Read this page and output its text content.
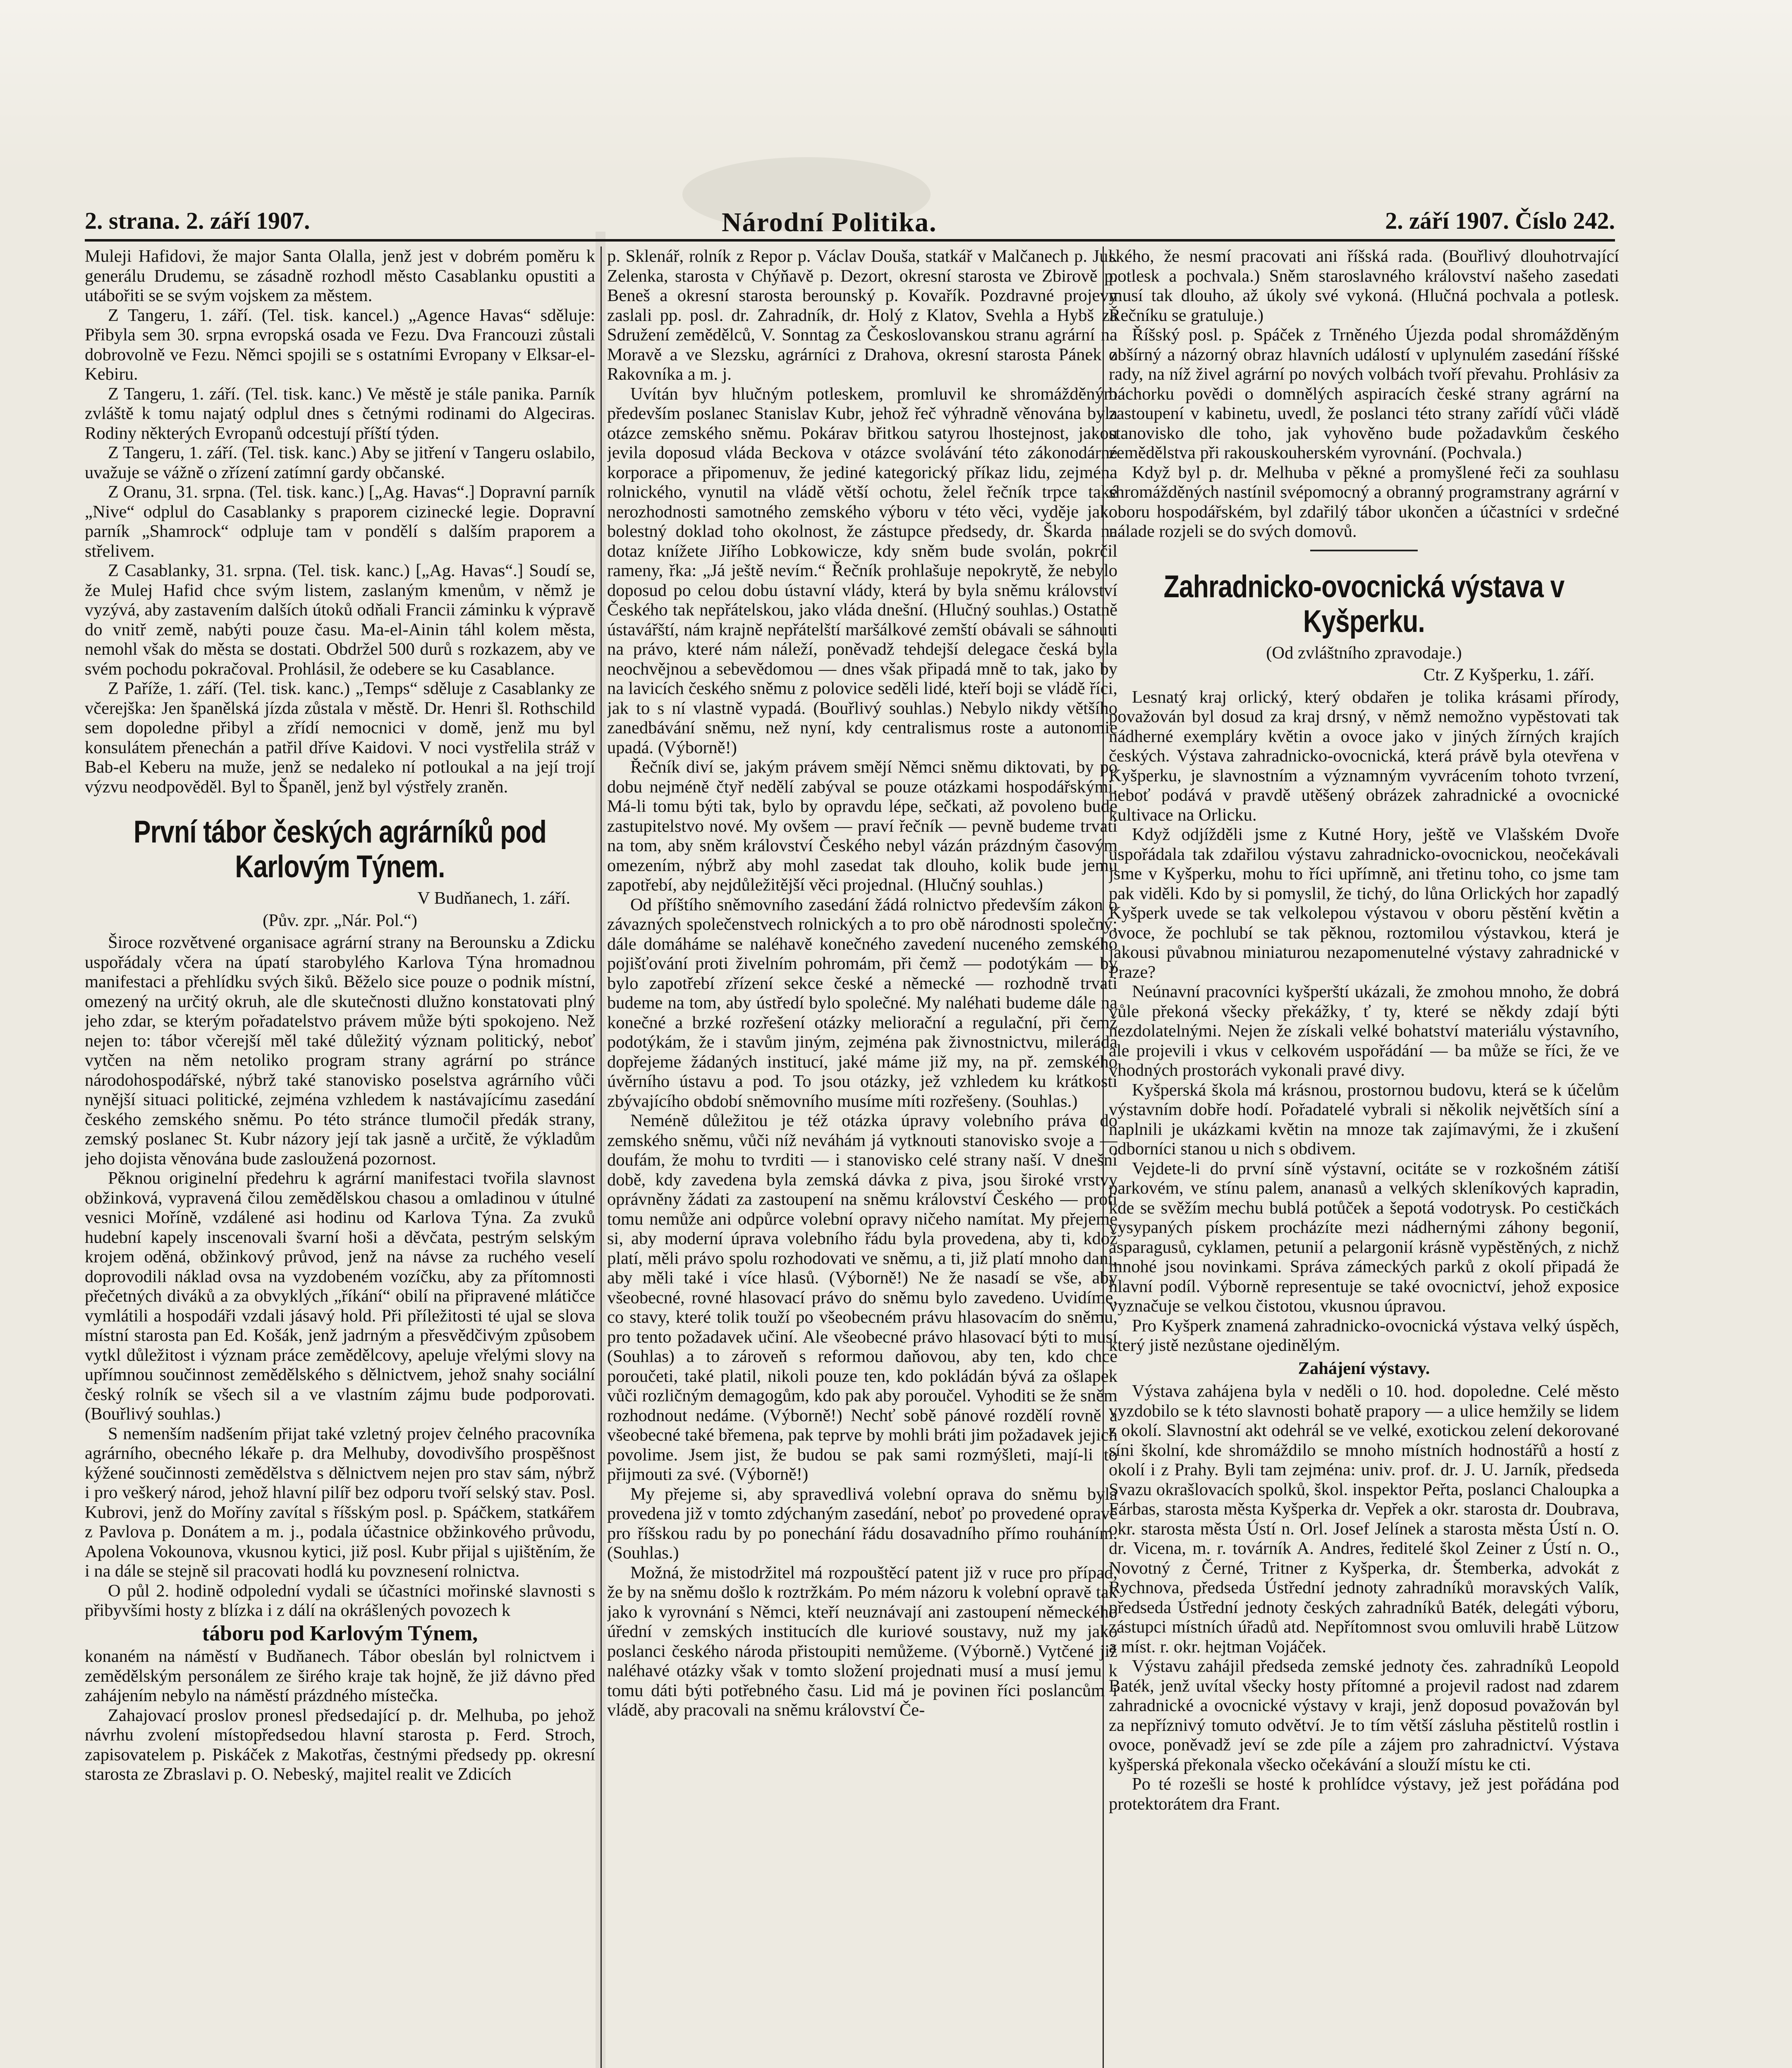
2. strana. 2. září 1907.	Národní Politika.	2. září 1907. Číslo 242.

Muleji Hafidovi, že major Santa Olalla, jenž jest v dobrém poměru k generálu Drudemu, se zásadně rozhodl město Casablanku opustiti a utábořiti se se svým vojskem za městem.

Z Tangeru, 1. září. (Tel. tisk. kancel.) „Agence Havas“ sděluje: Přibyla sem 30. srpna evropská osada ve Fezu. Dva Francouzi zůstali dobrovolně ve Fezu. Němci spojili se s ostatními Evropany v Elksar-el-Kebiru.

Z Tangeru, 1. září. (Tel. tisk. kanc.) Ve městě je stále panika. Parník zvláště k tomu najatý odplul dnes s četnými rodinami do Algeciras. Rodiny některých Evropanů odcestují příští týden.

Z Tangeru, 1. září. (Tel. tisk. kanc.) Aby se jitření v Tangeru oslabilo, uvažuje se vážně o zřízení zatímní gardy občanské.

Z Oranu, 31. srpna. (Tel. tisk. kanc.) [„Ag. Havas“.] Dopravní parník „Nive“ odplul do Casablanky s praporem cizinecké legie. Dopravní parník „Shamrock“ odpluje tam v pondělí s dalším praporem a střelivem.

Z Casablanky, 31. srpna. (Tel. tisk. kanc.) [„Ag. Havas“.] Soudí se, že Mulej Hafid chce svým listem, zaslaným kmenům, v němž je vyzývá, aby zastavením dalších útoků odňali Francii záminku k výpravě do vnitř země, nabýti pouze času. Ma-el-Ainin táhl kolem města, nemohl však do města se dostati. Obdržel 500 durů s rozkazem, aby ve svém pochodu pokračoval. Prohlásil, že odebere se ku Casablance.

Z Paříže, 1. září. (Tel. tisk. kanc.) „Temps“ sděluje z Casablanky ze včerejška: Jen španělská jízda zůstala v městě. Dr. Henri šl. Rothschild sem dopoledne přibyl a zřídí nemocnici v domě, jenž mu byl konsulátem přenechán a patřil dříve Kaidovi. V noci vystřelila stráž v Bab-el Keberu na muže, jenž se nedaleko ní potloukal a na její trojí výzvu neodpověděl. Byl to Španěl, jenž byl výstřely zraněn.

První tábor českých agrárníků pod Karlovým Týnem.
V Budňanech, 1. září.
(Pův. zpr. „Nár. Pol.“)

Široce rozvětvené organisace agrární strany na Berounsku a Zdicku uspořádaly včera na úpatí starobylého Karlova Týna hromadnou manifestaci a přehlídku svých šiků. Běželo sice pouze o podnik místní, omezený na určitý okruh, ale dle skutečnosti dlužno konstatovati plný jeho zdar, se kterým pořadatelstvo právem může býti spokojeno. Než nejen to: tábor včerejší měl také důležitý význam politický, neboť vytčen na něm netoliko program strany agrární po stránce národohospodářské, nýbrž také stanovisko poselstva agrárního vůči nynější situaci politické, zejména vzhledem k nastávajícímu zasedání českého zemského sněmu. Po této stránce tlumočil předák strany, zemský poslanec St. Kubr názory její tak jasně a určitě, že výkladům jeho dojista věnována bude zasloužená pozornost.

Pěknou originelní předehru k agrární manifestaci tvořila slavnost obžinková, vypravená čilou zemědělskou chasou a omladinou v útulné vesnici Moříně, vzdálené asi hodinu od Karlova Týna. Za zvuků hudební kapely inscenovali švarní hoši a děvčata, pestrým selským krojem oděná, obžinkový průvod, jenž na návse za ruchého veselí doprovodili náklad ovsa na vyzdobeném vozíčku, aby za přítomnosti přečetných diváků a za obvyklých „říkání“ obilí na připravené mlátičce vymlátili a hospodáři vzdali jásavý hold. Při příležitosti té ujal se slova místní starosta pan Ed. Košák, jenž jadrným a přesvědčivým způsobem vytkl důležitost i význam práce zemědělcovy, apeluje vřelými slovy na upřímnou součinnost zemědělského s dělnictvem, jehož snahy sociální český rolník se všech sil a ve vlastním zájmu bude podporovati. (Bouřlivý souhlas.)

S nemenším nadšením přijat také vzletný projev čelného pracovníka agrárního, obecného lékaře p. dra Melhuby, dovodivšího prospěšnost kýžené součinnosti zemědělstva s dělnictvem nejen pro stav sám, nýbrž i pro veškerý národ, jehož hlavní pilíř bez odporu tvoří selský stav. Posl. Kubrovi, jenž do Moříny zavítal s říšským posl. p. Spáčkem, statkářem z Pavlova p. Donátem a m. j., podala účastnice obžinkového průvodu, Apolena Vokounova, vkusnou kytici, již posl. Kubr přijal s ujištěním, že i na dále se stejně sil pracovati hodlá ku povznesení rolnictva.

O půl 2. hodině odpolední vydali se účastníci mořinské slavnosti s přibyvšími hosty z blízka i z dálí na okrášlených povozech k

táboru pod Karlovým Týnem,

konaném na náměstí v Budňanech. Tábor obeslán byl rolnictvem i zemědělským personálem ze širého kraje tak hojně, že již dávno před zahájením nebylo na náměstí prázdného místečka.

Zahajovací proslov pronesl předsedající p. dr. Melhuba, po jehož návrhu zvolení místopředsedou hlavní starosta p. Ferd. Stroch, zapisovatelem p. Piskáček z Makotřas, čestnými předsedy pp. okresní starosta ze Zbraslavi p. O. Nebeský, majitel realit ve Zdicích

p. Sklenář, rolník z Repor p. Václav Douša, statkář v Malčanech p. Jul. Zelenka, starosta v Chýňavě p. Dezort, okresní starosta ve Zbirově p. Beneš a okresní starosta berounský p. Kovařík. Pozdravné projevy zaslali pp. posl. dr. Zahradník, dr. Holý z Klatov, Svehla a Hybš za Sdružení zemědělců, V. Sonntag za Českoslovanskou stranu agrární na Moravě a ve Slezsku, agrárníci z Drahova, okresní starosta Pánek z Rakovníka a m. j.

Uvítán byv hlučným potleskem, promluvil ke shromážděným především poslanec Stanislav Kubr, jehož řeč výhradně věnována byla otázce zemského sněmu. Pokárav břitkou satyrou lhostejnost, jakou jevila doposud vláda Beckova v otázce svolávání této zákonodárné korporace a připomenuv, že jediné kategorický příkaz lidu, zejména rolnického, vynutil na vládě větší ochotu, želel řečník trpce také nerozhodnosti samotného zemského výboru v této věci, vyděje jako bolestný doklad toho okolnost, že zástupce předsedy, dr. Škarda na dotaz knížete Jiřího Lobkowicze, kdy sněm bude svolán, pokrčil rameny, řka: „Já ještě nevím.“ Řečník prohlašuje nepokrytě, že nebylo doposud po celou dobu ústavní vlády, která by byla sněmu království Českého tak nepřátelskou, jako vláda dnešní. (Hlučný souhlas.) Ostatně ústavářští, nám krajně nepřátelští maršálkové zemští obávali se sáhnouti na právo, které nám náleží, poněvadž tehdejší delegace česká byla neochvějnou a sebevědomou — dnes však připadá mně to tak, jako by na lavicích českého sněmu z polovice seděli lidé, kteří boji se vládě říci, jak to s ní vlastně vypadá. (Bouřlivý souhlas.) Nebylo nikdy většího zanedbávání sněmu, než nyní, kdy centralismus roste a autonomie upadá. (Výborně!)

Řečník diví se, jakým právem smějí Němci sněmu diktovati, by po dobu nejméně čtyř nedělí zabýval se pouze otázkami hospodářskými. Má-li tomu býti tak, bylo by opravdu lépe, sečkati, až povoleno bude zastupitelstvo nové. My ovšem — praví řečník — pevně budeme trvati na tom, aby sněm království Českého nebyl vázán prázdným časovým omezením, nýbrž aby mohl zasedat tak dlouho, kolik bude jemu zapotřebí, aby nejdůležitější věci projednal. (Hlučný souhlas.)

Od příštího sněmovního zasedání žádá rolnictvo především zákon o závazných společenstvech rolnických a to pro obě národnosti společný; dále domáháme se naléhavě konečného zavedení nuceného zemského pojišťování proti živelním pohromám, při čemž — podotýkám — by bylo zapotřebí zřízení sekce české a německé — rozhodně trvati budeme na tom, aby ústředí bylo společné. My naléhati budeme dále na konečné a brzké rozřešení otázky meliorační a regulační, při čemž podotýkám, že i stavům jiným, zejména pak živnostnictvu, mileráda dopřejeme žádaných institucí, jaké máme již my, na př. zemského úvěrního ústavu a pod. To jsou otázky, jež vzhledem ku krátkosti zbývajícího období sněmovního musíme míti rozřešeny. (Souhlas.)

Neméně důležitou je též otázka úpravy volebního práva do zemského sněmu, vůči níž neváhám já vytknouti stanovisko svoje a — doufám, že mohu to tvrditi — i stanovisko celé strany naší. V dnešní době, kdy zavedena byla zemská dávka z piva, jsou široké vrstvy oprávněny žádati za zastoupení na sněmu království Českého — proti tomu nemůže ani odpůrce volební opravy ničeho namítat. My přejeme si, aby moderní úprava volebního řádu byla provedena, aby ti, kdož platí, měli právo spolu rozhodovati ve sněmu, a ti, již platí mnoho daní, aby měli také i více hlasů. (Výborně!) Ne že nasadí se vše, aby všeobecné, rovné hlasovací právo do sněmu bylo zavedeno. Uvidíme, co stavy, které tolik touží po všeobecném právu hlasovacím do sněmu, pro tento požadavek učiní. Ale všeobecné právo hlasovací býti to musí (Souhlas) a to zároveň s reformou daňovou, aby ten, kdo chce poroučeti, také platil, nikoli pouze ten, kdo pokládán bývá za ošlapek vůči rozličným demagogům, kdo pak aby poroučel. Vyhoditi se že sněm rozhodnout nedáme. (Výborně!) Nechť sobě pánové rozdělí rovně a všeobecné také břemena, pak teprve by mohli bráti jim požadavek jejich povolime. Jsem jist, že budou se pak sami rozmýšleti, mají-li to přijmouti za své. (Výborně!)

My přejeme si, aby spravedlivá volební oprava do sněmu byla provedena již v tomto zdýchaným zasedání, neboť po provedené opravě pro říšskou radu by po ponechání řádu dosavadního přímo rouháním. (Souhlas.)

Možná, že mistodržitel má rozpouštěcí patent již v ruce pro případ, že by na sněmu došlo k roztržkám. Po mém názoru k volební opravě tak jako k vyrovnání s Němci, kteří neuznávají ani zastoupení německého úřední v zemských institucích dle kuriové soustavy, nuž my jako poslanci českého národa přistoupiti nemůžeme. (Výborně.) Vytčené již naléhavé otázky však v tomto složení projednati musí a musí jemu k tomu dáti býti potřebného času. Lid má je povinen říci poslancům i vládě, aby pracovali na sněmu království Če-

ského, že nesmí pracovati ani říšská rada. (Bouřlivý dlouhotrvající potlesk a pochvala.) Sněm staroslavného království našeho zasedati musí tak dlouho, až úkoly své vykoná. (Hlučná pochvala a potlesk. Řečníku se gratuluje.)

Říšský posl. p. Spáček z Trněného Újezda podal shromážděným obšírný a názorný obraz hlavních událostí v uplynulém zasedání říšské rady, na níž živel agrární po nových volbách tvoří převahu. Prohlásiv za báchorku povědi o domnělých aspiracích české strany agrární na zastoupení v kabinetu, uvedl, že poslanci této strany zařídí vůči vládě stanovisko dle toho, jak vyhověno bude požadavkům českého zemědělstva při rakouskouherském vyrovnání. (Pochvala.)

Když byl p. dr. Melhuba v pěkné a promyšlené řeči za souhlasu shromážděných nastínil svépomocný a obranný programstrany agrární v oboru hospodářském, byl zdařilý tábor ukončen a účastníci v srdečné nálade rozjeli se do svých domovů.

Zahradnicko-ovocnická výstava v Kyšperku.
(Od zvláštního zpravodaje.)
Ctr. Z Kyšperku, 1. září.

Lesnatý kraj orlický, který obdařen je tolika krásami přírody, považován byl dosud za kraj drsný, v němž nemožno vypěstovati tak nádherné exempláry květin a ovoce jako v jiných žírných krajích českých. Výstava zahradnicko-ovocnická, která právě byla otevřena v Kyšperku, je slavnostním a významným vyvrácením tohoto tvrzení, neboť podává v pravdě utěšený obrázek zahradnické a ovocnické kultivace na Orlicku.

Když odjížděli jsme z Kutné Hory, ještě ve Vlašském Dvoře uspořádala tak zdařilou výstavu zahradnicko-ovocnickou, neočekávali jsme v Kyšperku, mohu to říci upřímně, ani třetinu toho, co jsme tam pak viděli. Kdo by si pomyslil, že tichý, do lůna Orlických hor zapadlý Kyšperk uvede se tak velkolepou výstavou v oboru pěstění květin a ovoce, že pochlubí se tak pěknou, roztomilou výstavkou, která je jakousi půvabnou miniaturou nezapomenutelné výstavy zahradnické v Praze?

Neúnavní pracovníci kyšperští ukázali, že zmohou mnoho, že dobrá vůle překoná všecky překážky, ť ty, které se někdy zdají býti nezdolatelnými. Nejen že získali velké bohatství materiálu výstavního, ale projevili i vkus v celkovém uspořádání — ba může se říci, že ve vhodných prostorách vykonali pravé divy.

Kyšperská škola má krásnou, prostornou budovu, která se k účelům výstavním dobře hodí. Pořadatelé vybrali si několik největších síní a naplnili je ukázkami květin na mnoze tak zajímavými, že i zkušení odborníci stanou u nich s obdivem.

Vejdete-li do první síně výstavní, ocitáte se v rozkošném zátiší parkovém, ve stínu palem, ananasů a velkých skleníkových kapradin, kde se svěžím mechu bublá potůček a šepotá vodotrysk. Po cestičkách vysypaných pískem procházíte mezi nádhernými záhony begonií, asparagusů, cyklamen, petunií a pelargonií krásně vypěstěných, z nichž mnohé jsou novinkami. Správa zámeckých parků z okolí připadá že hlavní podíl. Výborně representuje se také ovocnictví, jehož exposice vyznačuje se velkou čistotou, vkusnou úpravou.

Pro Kyšperk znamená zahradnicko-ovocnická výstava velký úspěch, který jistě nezůstane ojedinělým.

Zahájení výstavy.

Výstava zahájena byla v neděli o 10. hod. dopoledne. Celé město vyzdobilo se k této slavnosti bohatě prapory — a ulice hemžily se lidem z okolí. Slavnostní akt odehrál se ve velké, exotickou zelení dekorované síni školní, kde shromáždilo se mnoho místních hodnostářů a hostí z okolí i z Prahy. Byli tam zejména: univ. prof. dr. J. U. Jarník, předseda Svazu okrašlovacích spolků, škol. inspektor Peřta, poslanci Chaloupka a Fárbas, starosta města Kyšperka dr. Vepřek a okr. starosta dr. Doubrava, okr. starosta města Ústí n. Orl. Josef Jelínek a starosta města Ústí n. O. dr. Vicena, m. r. továrník A. Andres, ředitelé škol Zeiner z Ústí n. O., Novotný z Černé, Tritner z Kyšperka, dr. Štemberka, advokát z Rychnova, předseda Ústřední jednoty zahradníků moravských Valík, předseda Ústřední jednoty českých zahradníků Baték, delegáti výboru, zástupci místních úřadů atd. Nepřítomnost svou omluvili hrabě Lützow a míst. r. okr. hejtman Vojáček.

Výstavu zahájil předseda zemské jednoty čes. zahradníků Leopold Baték, jenž uvítal všecky hosty přítomné a projevil radost nad zdarem zahradnické a ovocnické výstavy v kraji, jenž doposud považován byl za nepříznivý tomuto odvětví. Je to tím větší zásluha pěstitelů rostlin i ovoce, poněvadž jeví se zde píle a zájem pro zahradnictví. Výstava kyšperská překonala všecko očekávání a slouží místu ke cti.

Po té rozešli se hosté k prohlídce výstavy, jež jest pořádána pod protektorátem dra Frant.
